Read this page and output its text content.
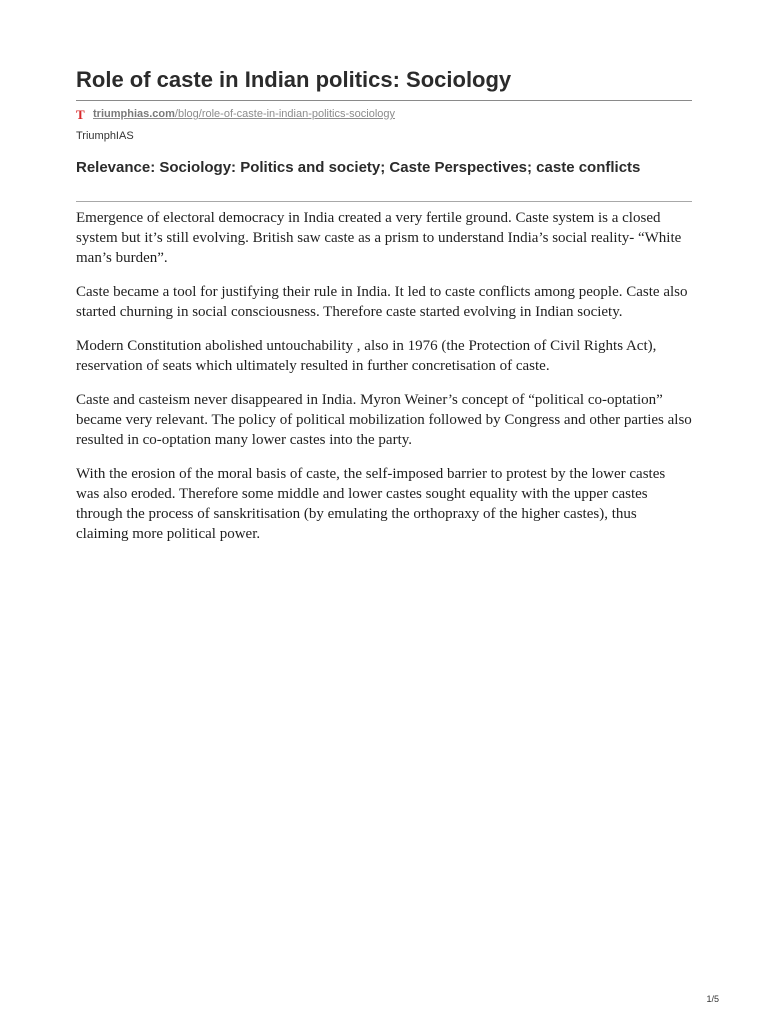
Role of caste in Indian politics: Sociology
T triumphias.com/blog/role-of-caste-in-indian-politics-sociology
TriumphIAS
Relevance: Sociology: Politics and society; Caste Perspectives; caste conflicts

Emergence of electoral democracy in India created a very fertile ground. Caste system is a closed system but it’s still evolving. British saw caste as a prism to understand India’s social reality- “White man’s burden”.

Caste became a tool for justifying their rule in India. It led to caste conflicts among people. Caste also started churning in social consciousness. Therefore caste started evolving in Indian society.

Modern Constitution abolished untouchability , also in 1976 (the Protection of Civil Rights Act), reservation of seats which ultimately resulted in further concretisation of caste.

Caste and casteism never disappeared in India. Myron Weiner’s concept of “political co-optation” became very relevant. The policy of political mobilization followed by Congress and other parties also resulted in co-optation many lower castes into the party.

With the erosion of the moral basis of caste, the self-imposed barrier to protest by the lower castes was also eroded. Therefore some middle and lower castes sought equality with the upper castes through the process of sanskritisation (by emulating the orthopraxy of the higher castes), thus claiming more political power.

1/5
